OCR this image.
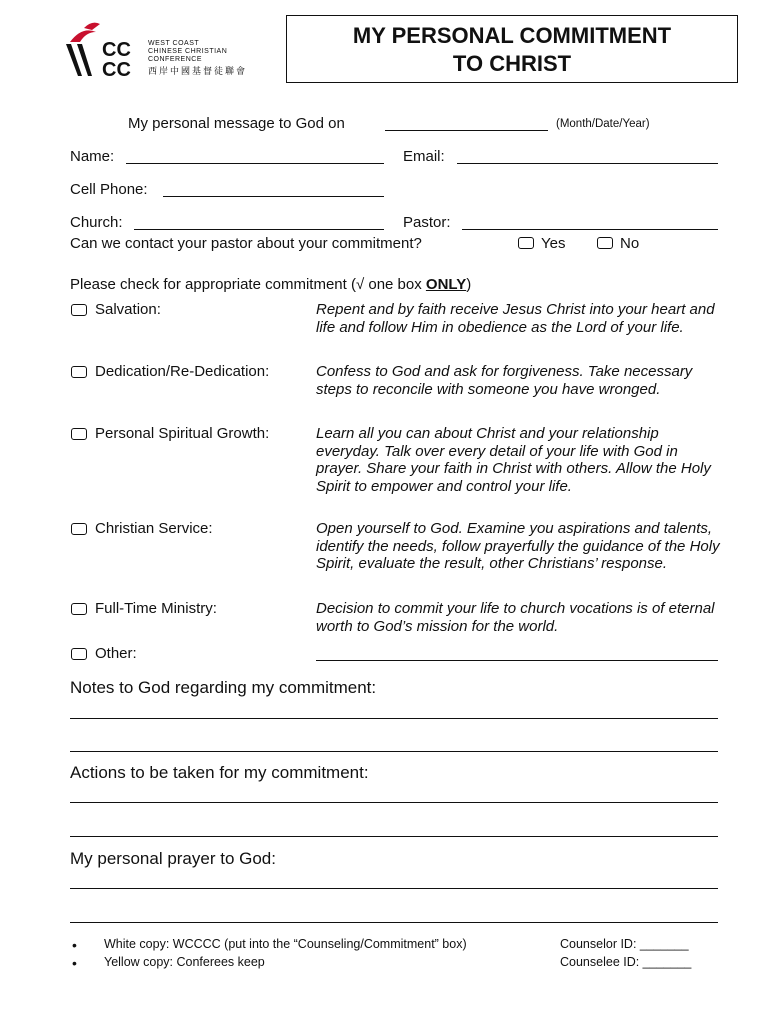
CC
CC
WEST COAST
CHINESE CHRISTIAN
CONFERENCE
西岸中國基督徒聯會
MY PERSONAL COMMITMENT
TO CHRIST
My personal message to God on	(Month/Date/Year)
Name:	Email:
Cell Phone:
Church:	Pastor:
Can we contact your pastor about your commitment?	Yes	No
Please check for appropriate commitment (√ one box ONLY)
Salvation:	Repent and by faith receive Jesus Christ into your heart and life and follow Him in obedience as the Lord of your life.
Dedication/Re-Dedication:	Confess to God and ask for forgiveness. Take necessary steps to reconcile with someone you have wronged.
Personal Spiritual Growth:	Learn all you can about Christ and your relationship everyday. Talk over every detail of your life with God in prayer. Share your faith in Christ with others. Allow the Holy Spirit to empower and control your life.
Christian Service:	Open yourself to God. Examine you aspirations and talents, identify the needs, follow prayerfully the guidance of the Holy Spirit, evaluate the result, other Christians’ response.
Full-Time Ministry:	Decision to commit your life to church vocations is of eternal worth to God’s mission for the world.
Other:
Notes to God regarding my commitment:
Actions to be taken for my commitment:
My personal prayer to God:
• White copy: WCCCC (put into the “Counseling/Commitment” box)
• Yellow copy: Conferees keep
Counselor ID: _______
Counselee ID: _______
